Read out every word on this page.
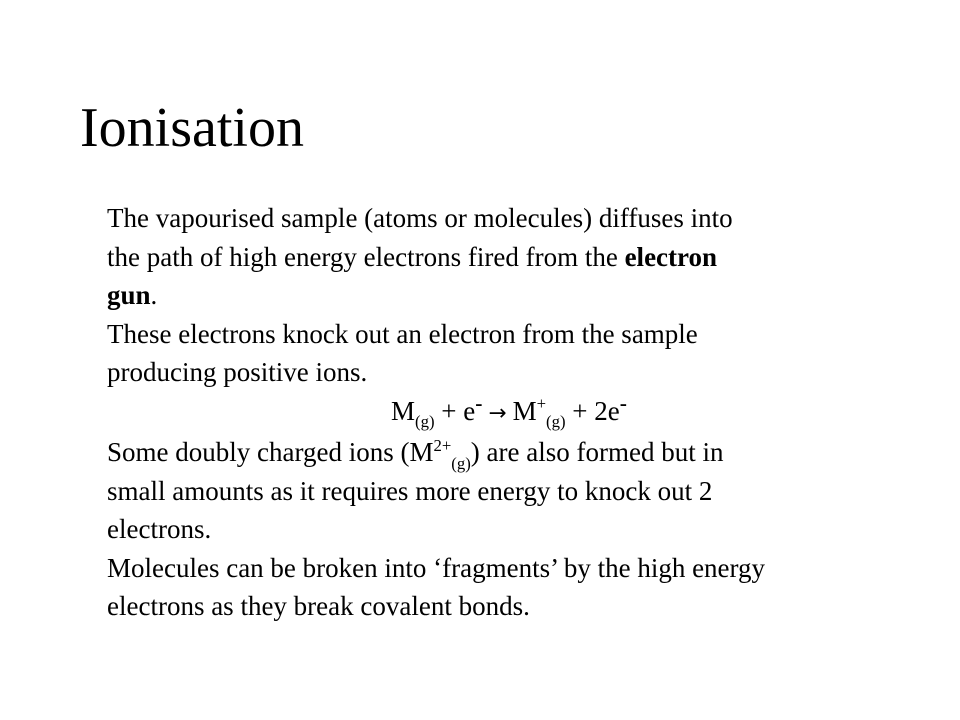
Ionisation

The vapourised sample (atoms or molecules) diffuses into
the path of high energy electrons fired from the electron
gun.

These electrons knock out an electron from the sample
producing positive ions.

$M_{(g)} + e^- \to M^+_{(g)} + 2e^-$

Some doubly charged ions $(M^{2+}_{(g)})$ are also formed but in
small amounts as it requires more energy to knock out 2
electrons.

Molecules can be broken into ‘fragments’ by the high energy
electrons as they break covalent bonds.
